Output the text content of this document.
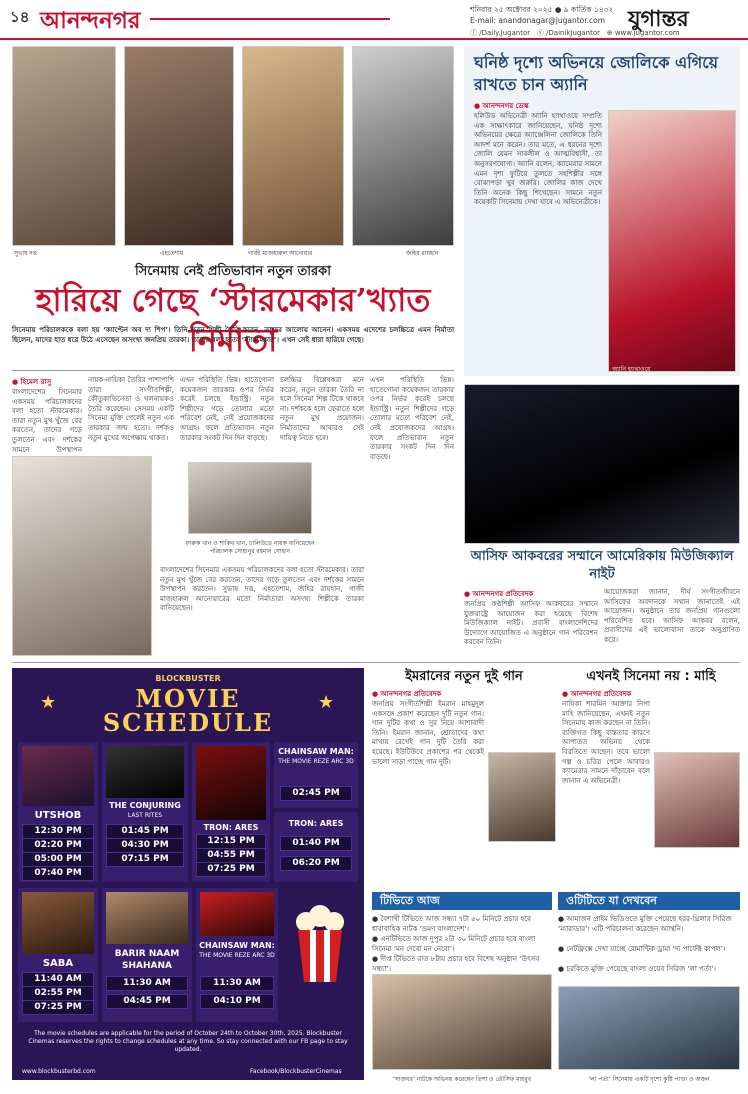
১৪ আনন্দনগর	শনিবার ২৫ অক্টোবর ২০২৫ ● ৯ কার্তিক ১৪৩২
E-mail: anandonagar@jugantor.com	যুগান্তর
ⓕ /Daily.Jugantor ⓧ /DainikJugantor ⊕ www.jugantor.com
সুভাষ দত্ত	এহতেশাম	গাজী মাজহারুল আনোয়ার	জহির রায়হান
সিনেমায় নেই প্রতিভাবান নতুন তারকা
হারিয়ে গেছে ‘স্টারমেকার’খ্যাত নির্মাতা
সিনেমায় পরিচালককে বলা হয় ‘ক্যাপ্টেন অব দ্য শিপ’। তিনি নতুন শিল্পী তৈরি করেন, তাদের আলোয় আনেন। একসময় এদেশের চলচ্চিত্রে এমন নির্মাতা ছিলেন, যাদের হাত ধরে উঠে এসেছেন অসংখ্য জনপ্রিয় তারকা। তাদের বলা হতো ‘স্টারমেকার’। এখন সেই ধারা হারিয়ে গেছে।
● হিমেল রাসু
বাংলাদেশের সিনেমার একসময় পরিচালকদের বলা হতো স্টারমেকার। তারা নতুন মুখ খুঁজে বের করতেন, তাদের গড়ে তুলতেন এবং দর্শকের সামনে উপস্থাপন
নায়ক-নায়িকা তৈরির পাশাপাশি তারা সংগীতশিল্পী, কৌতুকাভিনেতা ও খলনায়কও তৈরি করেছেন। সেসময় একটি সিনেমা মুক্তি পেলেই নতুন এক তারকার জন্ম হতো। দর্শকও নতুন মুখের অপেক্ষায় থাকত।
এখন পরিস্থিতি ভিন্ন। হাতেগোনা কয়েকজন তারকার ওপর নির্ভর করেই চলছে ইন্ডাস্ট্রি। নতুন শিল্পীদের গড়ে তোলার মতো পরিবেশ নেই, নেই প্রযোজকদের আগ্রহ। ফলে প্রতিভাবান নতুন তারকার সংকট দিন দিন বাড়ছে।
ফারুক খান ও শাকিব খান, ঢালিউডে নায়ক বানিয়েছেন পরিচালক সোহানুর রহমান সোহান
চলচ্চিত্র বিশ্লেষকরা মনে করেন, নতুন তারকা তৈরি না হলে সিনেমা শিল্প টিকে থাকবে না। দর্শককে হলে ফেরাতে হলে নতুন মুখ প্রয়োজন। নির্মাতাদের আবারও সেই দায়িত্ব নিতে হবে।
বাংলাদেশের সিনেমার একসময় পরিচালকদের বলা হতো স্টারমেকার। তারা নতুন মুখ খুঁজে বের করতেন, তাদের গড়ে তুলতেন এবং দর্শকের সামনে উপস্থাপন করতেন। সুভাষ দত্ত, এহতেশাম, জহির রায়হান, গাজী মাজহারুল আনোয়ারের মতো নির্মাতারা অসংখ্য শিল্পীকে তারকা বানিয়েছেন।
এখন পরিস্থিতি ভিন্ন। হাতেগোনা কয়েকজন তারকার ওপর নির্ভর করেই চলছে ইন্ডাস্ট্রি। নতুন শিল্পীদের গড়ে তোলার মতো পরিবেশ নেই, নেই প্রযোজকদের আগ্রহ। ফলে প্রতিভাবান নতুন তারকার সংকট দিন দিন বাড়ছে।
ঘনিষ্ঠ দৃশ্যে অভিনয়ে জোলিকে এগিয়ে রাখতে চান অ্যানি
● আনন্দনগর ডেস্ক
হলিউড অভিনেত্রী অ্যানি হ্যাথাওয়ে সম্প্রতি এক সাক্ষাৎকারে জানিয়েছেন, ঘনিষ্ঠ দৃশ্যে অভিনয়ের ক্ষেত্রে অ্যাঞ্জেলিনা জোলিকে তিনি আদর্শ মনে করেন। তার মতে, এ ধরনের দৃশ্যে জোলি যেমন সাবলীল ও আত্মবিশ্বাসী, তা অনুসরণযোগ্য। অ্যানি বলেন, ক্যামেরার সামনে এমন দৃশ্য ফুটিয়ে তুলতে সহশিল্পীর সঙ্গে বোঝাপড়া খুব জরুরি। জোলির কাজ দেখে তিনি অনেক কিছু শিখেছেন। সামনে নতুন কয়েকটি সিনেমায় দেখা যাবে এ অভিনেত্রীকে।
অ্যানি হ্যাথাওয়ে
আসিফ আকবরের সম্মানে আমেরিকায় মিউজিক্যাল নাইট
● আনন্দনগর প্রতিবেদক
জনপ্রিয় কণ্ঠশিল্পী আসিফ আকবরের সম্মানে যুক্তরাষ্ট্রে আয়োজন করা হয়েছে বিশেষ মিউজিক্যাল নাইট। প্রবাসী বাংলাদেশিদের উদ্যোগে আয়োজিত এ অনুষ্ঠানে গান পরিবেশন করবেন তিনি।
আয়োজকরা জানান, দীর্ঘ সংগীতজীবনে আসিফের অবদানকে সম্মান জানাতেই এই আয়োজন। অনুষ্ঠানে তার জনপ্রিয় গানগুলো পরিবেশিত হবে। আসিফ আকবর বলেন, প্রবাসীদের এই ভালোবাসা তাকে অনুপ্রাণিত করে।
BLOCKBUSTER
MOVIE
SCHEDULE
★	★
UTSHOB
12:30 PM
02:20 PM
05:00 PM
07:40 PM
THE CONJURING
LAST RITES
01:45 PM
04:30 PM
07:15 PM
TRON: ARES
12:15 PM
04:55 PM
07:25 PM
CHAINSAW MAN:
THE MOVIE REZE ARC 3D
02:45 PM
TRON: ARES
01:40 PM
06:20 PM
SABA
11:40 AM
02:55 PM
07:25 PM
BARIR NAAM SHAHANA
11:30 AM
04:45 PM
CHAINSAW MAN:
THE MOVIE REZE ARC 3D
11:30 AM
04:10 PM
The movie schedules are applicable for the period of October 24th to October 30th, 2025. Blockbuster Cinemas reserves the rights to change schedules at any time. So stay connected with our FB page to stay updated.
www.blockbusterbd.com	Facebook/BlockbusterCinemas
ইমরানের নতুন দুই গান
● আনন্দনগর প্রতিবেদক
জনপ্রিয় সংগীতশিল্পী ইমরান মাহমুদুল একসঙ্গে প্রকাশ করেছেন দুটি নতুন গান। গান দুটির কথা ও সুর নিয়ে আশাবাদী তিনি। ইমরান জানান, শ্রোতাদের কথা মাথায় রেখেই গান দুটি তৈরি করা হয়েছে। ইউটিউবে প্রকাশের পর থেকেই ভালো সাড়া পাচ্ছে গান দুটি।
এখনই সিনেমা নয় : মাহি
● আনন্দনগর প্রতিবেদক
নায়িকা শারমিন আক্তার নিপা মাহি জানিয়েছেন, এখনই নতুন সিনেমায় কাজ করছেন না তিনি। ব্যক্তিগত কিছু ব্যস্ততার কারণে আপাতত অভিনয় থেকে বিরতিতে আছেন। তবে ভালো গল্প ও চরিত্র পেলে আবারও ক্যামেরার সামনে দাঁড়াবেন বলে জানান এ অভিনেত্রী।
টিভিতে আজ
● বৈশাখী টিভিতে আজ সন্ধ্যা ৭টা ৫০ মিনিটে প্রচার হবে ধারাবাহিক নাটক ‘ভ্রমণ বাংলাদেশ’।
● এনটিভিতে আজ দুপুর ২টা ৩০ মিনিটে প্রচার হবে বাংলা সিনেমা ‘মন দেবো মন নেবো’।
● দীপ্ত টিভিতে রাত ৮টায় প্রচার হবে বিশেষ অনুষ্ঠান ‘উৎসব সন্ধ্যা’।
‘সাজঘর’ নাটকে অভিনয় করেছেন তিশা ও তৌসিফ মাহবুব
ওটিটিতে যা দেখবেন
● আমাজন প্রাইম ভিডিওতে মুক্তি পেয়েছে হরর-থ্রিলার সিরিজ ‘ম্যারাডার’। এটি পরিচালনা করেছেন অ্যান্থনি।
● নেটফ্লিক্সে দেখা যাচ্ছে রোমান্টিক ড্রামা ‘দ্য পার্ফেক্ট কাপল’।
● চরকিতে মুক্তি পেয়েছে বাংলা ওয়েব সিরিজ ‘লা পর্তা’।
‘লা পর্তা’ সিনেমায় একটি দৃশ্যে কুষ্টি পাণ্ড্য ও অজন
